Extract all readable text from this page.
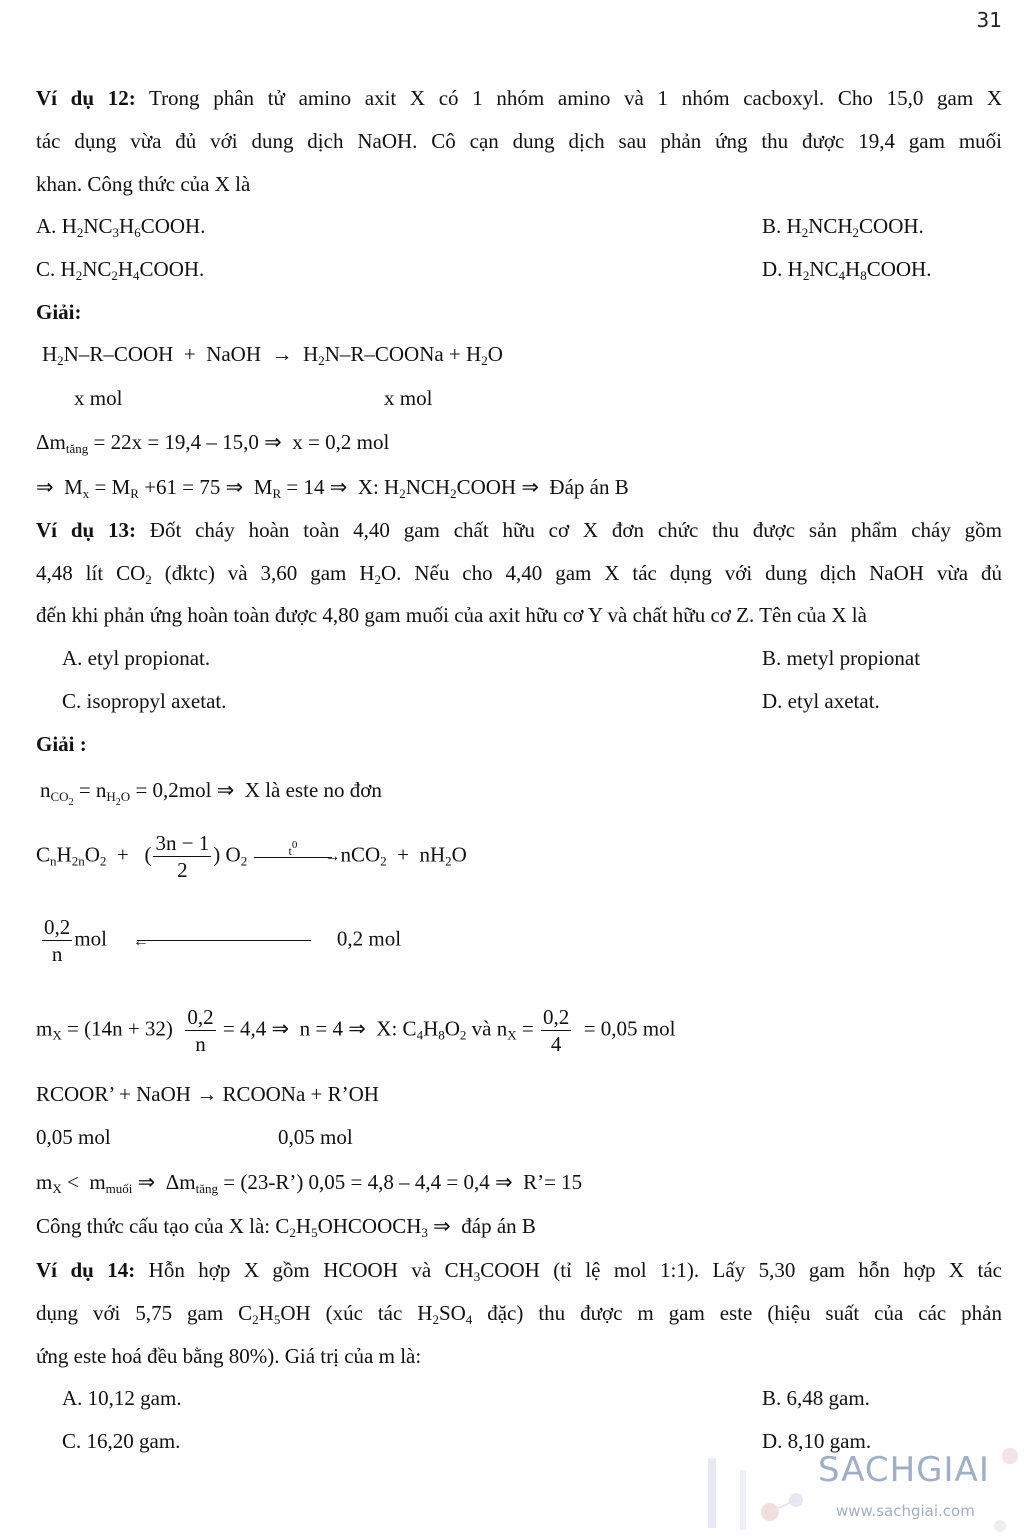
31
Ví dụ 12: Trong phân tử amino axit X có 1 nhóm amino và 1 nhóm cacboxyl. Cho 15,0 gam X
tác dụng vừa đủ với dung dịch NaOH. Cô cạn dung dịch sau phản ứng thu được 19,4 gam muối
khan. Công thức của X là
A. $H_2NC_3H_6COOH$.	B. $H_2NCH_2COOH$.
C. $H_2NC_2H_4COOH$.	D. $H_2NC_4H_8COOH$.
Giải:
$H_2N-R$–COOH  +  NaOH  →  $H_2N-R$–COONa + $H_2O$
x mol	x mol
$\Delta m_{tăng} = 22x = 19,4 - 15,0$ ⇒  x = 0,2 mol
⇒  $M_x = M_R +61 = 75$ ⇒  $M_R = 14$ ⇒  X: $H_2NCH_2COOH$ ⇒  Đáp án B
Ví dụ 13: Đốt cháy hoàn toàn 4,40 gam chất hữu cơ X đơn chức thu được sản phẩm cháy gồm
4,48 lít $CO_2$ (đktc) và 3,60 gam $H_2O$. Nếu cho 4,40 gam X tác dụng với dung dịch NaOH vừa đủ
đến khi phản ứng hoàn toàn được 4,80 gam muối của axit hữu cơ Y và chất hữu cơ Z. Tên của X là
A. etyl propionat.	B. metyl propionat
C. isopropyl axetat.	D. etyl axetat.
Giải :
$n_{CO_2} = n_{H_2O} = 0,2mol$ ⇒  X là este no đơn
$C_nH_{2n}O_2$  +   ( $\frac{3n - 1}{2}$ ) $O_2$
$t^0$
→ $nCO_2 + nH_2O$
$\frac{0,2}{n}$ mol ←	0,2 mol
$m_X = (14n + 32) \frac{0,2}{n} = 4,4$ ⇒  n = 4 ⇒  X: $C_4H_8O_2$ và $n_X = \frac{0,2}{4} = 0,05$ mol
RCOOR’ + NaOH → RCOONa + R’OH
0,05 mol	0,05 mol
$m_X < m_{muối}$ ⇒  $\Delta m_{tăng}$ = (23-R’) 0,05 = 4,8 – 4,4 = 0,4 ⇒  R’= 15
Công thức cấu tạo của X là: $C_2H_5OHCOOCH_3$ ⇒  đáp án B
Ví dụ 14: Hỗn hợp X gồm HCOOH và $CH_3COOH$ (tỉ lệ mol 1:1). Lấy 5,30 gam hỗn hợp X tác
dụng với 5,75 gam $C_2H_5OH$ (xúc tác $H_2SO_4$ đặc) thu được m gam este (hiệu suất của các phản
ứng este hoá đều bằng 80%). Giá trị của m là:
A. 10,12 gam.	B. 6,48 gam.
C. 16,20 gam.	D. 8,10 gam.
SACHGIAI
www.sachgiai.com
